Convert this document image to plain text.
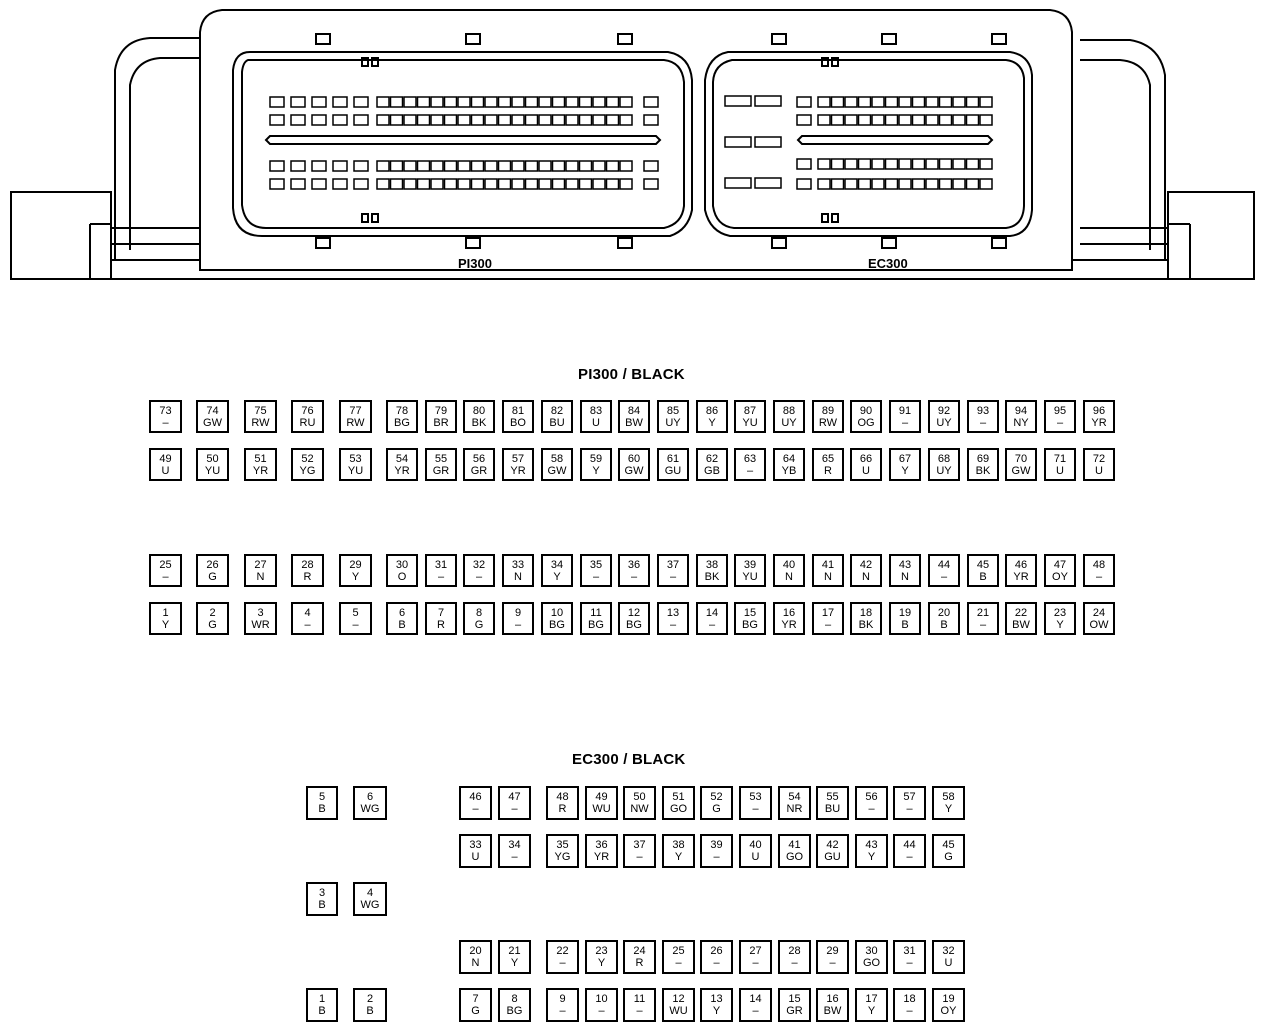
PI300	EC300
PI300 / BLACK
EC300 / BLACK
73
–
74
GW
75
RW
76
RU
77
RW
78
BG
79
BR
80
BK
81
BO
82
BU
83
U
84
BW
85
UY
86
Y
87
YU
88
UY
89
RW
90
OG
91
–
92
UY
93
–
94
NY
95
–
96
YR
49
U
50
YU
51
YR
52
YG
53
YU
54
YR
55
GR
56
GR
57
YR
58
GW
59
Y
60
GW
61
GU
62
GB
63
–
64
YB
65
R
66
U
67
Y
68
UY
69
BK
70
GW
71
U
72
U
25
–
26
G
27
N
28
R
29
Y
30
O
31
–
32
–
33
N
34
Y
35
–
36
–
37
–
38
BK
39
YU
40
N
41
N
42
N
43
N
44
–
45
B
46
YR
47
OY
48
–
1
Y
2
G
3
WR
4
–
5
–
6
B
7
R
8
G
9
–
10
BG
11
BG
12
BG
13
–
14
–
15
BG
16
YR
17
–
18
BK
19
B
20
B
21
–
22
BW
23
Y
24
OW
5
B
6
WG
3
B
4
WG
1
B
2
B
46
–
47
–
48
R
49
WU
50
NW
51
GO
52
G
53
–
54
NR
55
BU
56
–
57
–
58
Y
33
U
34
–
35
YG
36
YR
37
–
38
Y
39
–
40
U
41
GO
42
GU
43
Y
44
–
45
G
20
N
21
Y
22
–
23
Y
24
R
25
–
26
–
27
–
28
–
29
–
30
GO
31
–
32
U
7
G
8
BG
9
–
10
–
11
–
12
WU
13
Y
14
–
15
GR
16
BW
17
Y
18
–
19
OY
